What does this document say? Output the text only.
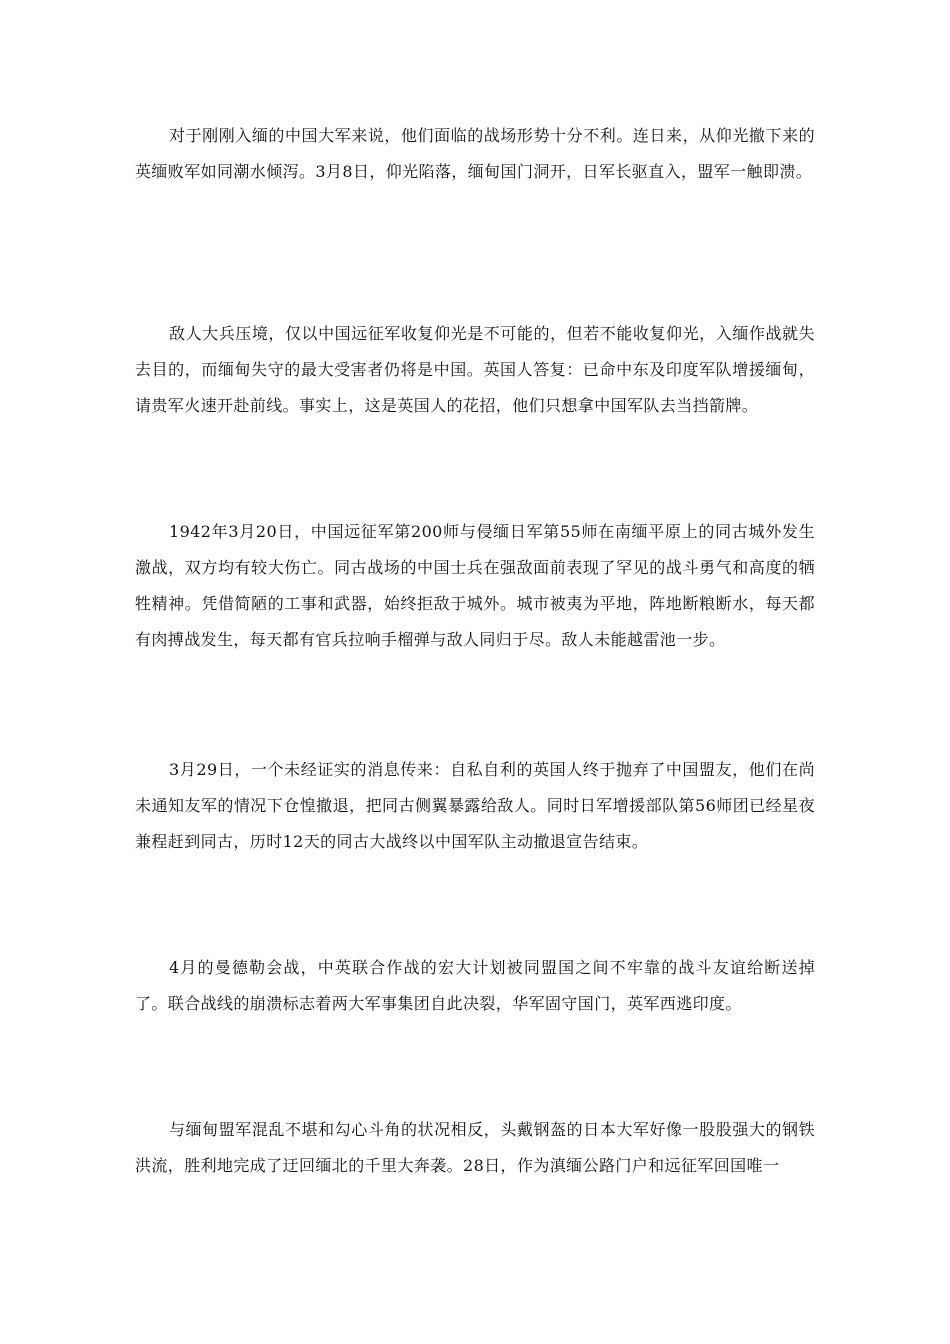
对于刚刚入缅的中国大军来说，他们面临的战场形势十分不利。连日来，从仰光撤下来的英缅败军如同潮水倾泻。3月8日，仰光陷落，缅甸国门洞开，日军长驱直入，盟军一触即溃。

敌人大兵压境，仅以中国远征军收复仰光是不可能的，但若不能收复仰光，入缅作战就失去目的，而缅甸失守的最大受害者仍将是中国。英国人答复：已命中东及印度军队增援缅甸，请贵军火速开赴前线。事实上，这是英国人的花招，他们只想拿中国军队去当挡箭牌。

1942年3月20日，中国远征军第200师与侵缅日军第55师在南缅平原上的同古城外发生激战，双方均有较大伤亡。同古战场的中国士兵在强敌面前表现了罕见的战斗勇气和高度的牺牲精神。凭借简陋的工事和武器，始终拒敌于城外。城市被夷为平地，阵地断粮断水，每天都有肉搏战发生，每天都有官兵拉响手榴弹与敌人同归于尽。敌人未能越雷池一步。

3月29日，一个未经证实的消息传来：自私自利的英国人终于抛弃了中国盟友，他们在尚未通知友军的情况下仓惶撤退，把同古侧翼暴露给敌人。同时日军增援部队第56师团已经星夜兼程赶到同古，历时12天的同古大战终以中国军队主动撤退宣告结束。

4月的曼德勒会战，中英联合作战的宏大计划被同盟国之间不牢靠的战斗友谊给断送掉了。联合战线的崩溃标志着两大军事集团自此决裂，华军固守国门，英军西逃印度。

与缅甸盟军混乱不堪和勾心斗角的状况相反，头戴钢盔的日本大军好像一股股强大的钢铁洪流，胜利地完成了迂回缅北的千里大奔袭。28日，作为滇缅公路门户和远征军回国唯一
